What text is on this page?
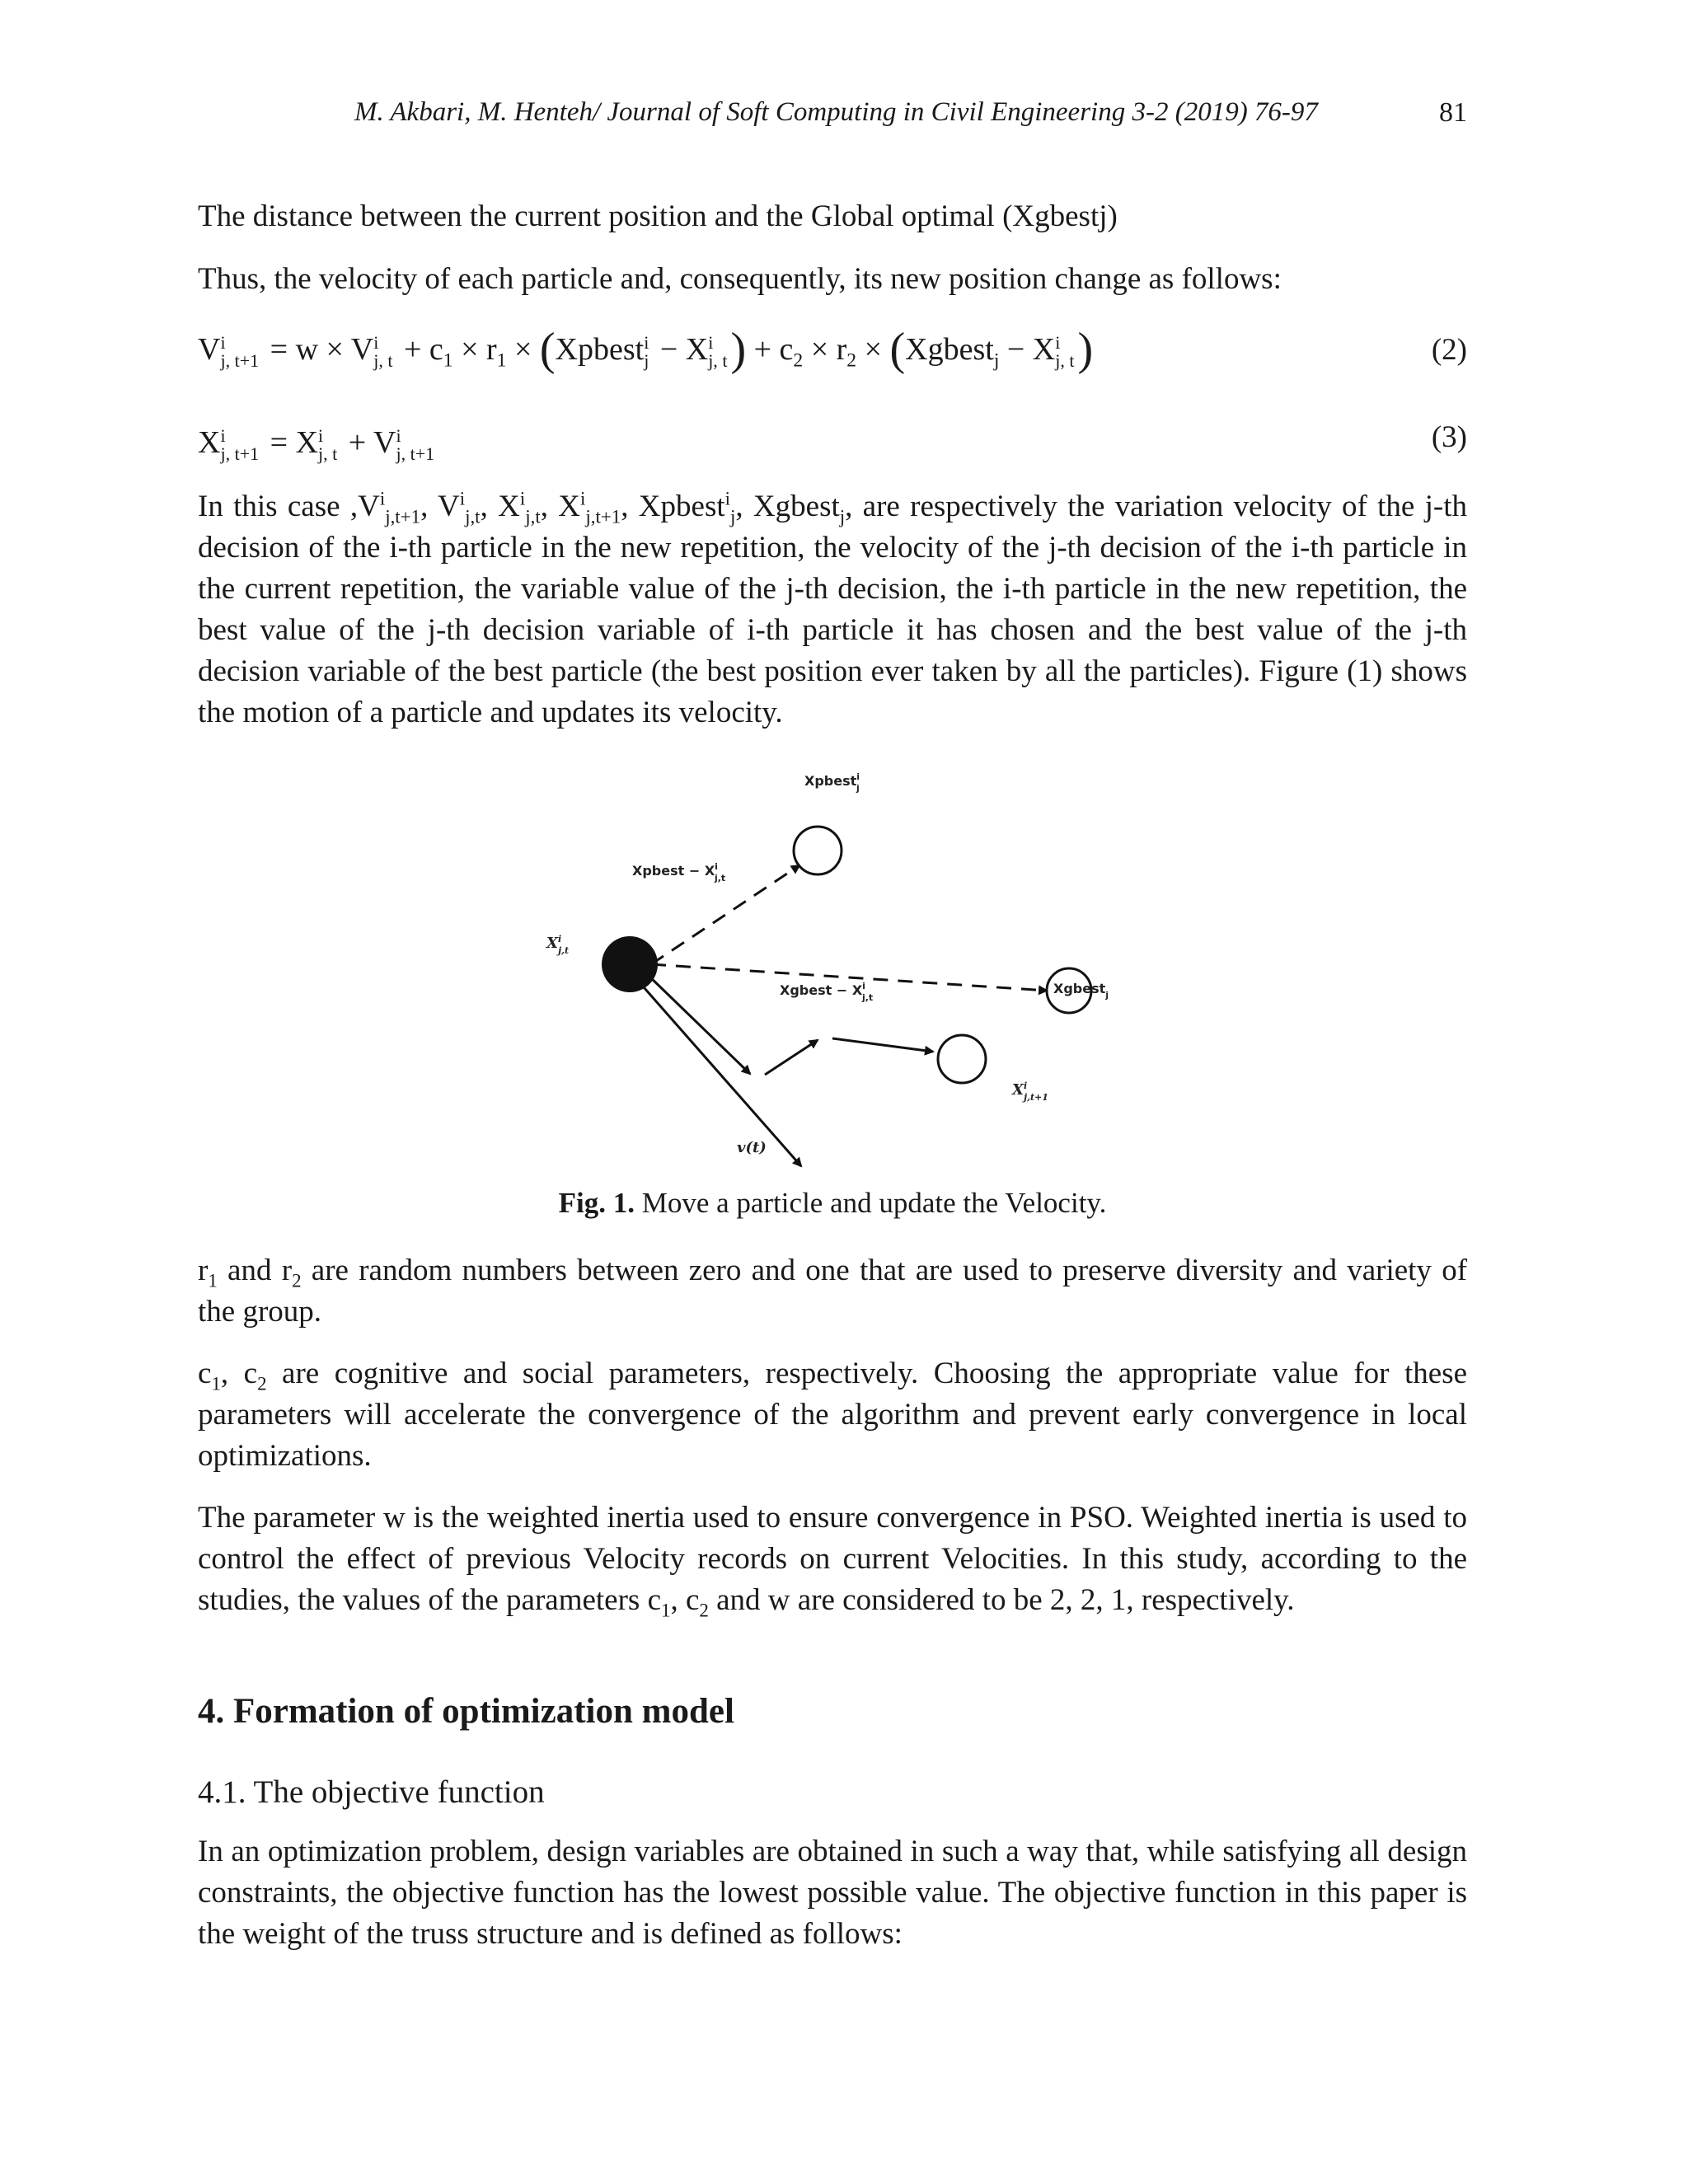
M. Akbari, M. Henteh/ Journal of Soft Computing in Civil Engineering 3-2 (2019) 76-97	81

The distance between the current position and the Global optimal (Xgbestj)

Thus, the velocity of each particle and, consequently, its new position change as follows:

V i
j, t+1 = w × V i
j, $t + c_1 \times r_1$ × (Xpbest i
j − X i
j, t ) + $c_2 \times r_2$ × (Xgbest$_j$ − X i
j, t )	(2)
X i
j, t+1 = X i
j, t + V i
j, t+1	(3)

In this case $,V^i_{j,t+1}$, $V^i_{j,t}$, $X^i_{j,t}$, $X^i_{j,t+1}$, Xpbest$^i_j$, Xgbest$_j$, are respectively the variation velocity of the j-th decision of the i-th particle in the new repetition, the velocity of the j-th decision of the i-th particle in the current repetition, the variable value of the j-th decision, the i-th particle in the new repetition, the best value of the j-th decision variable of i-th particle it has chosen and the best value of the j-th decision variable of the best particle (the best position ever taken by all the particles). Figure (1) shows the motion of a particle and updates its velocity.

Xpbest$^i$ j
Xpbest − $X^i$ j,t
Xgbest$_j$
Xgbest − $X^i$ j,t
$X^i$ j,t
$X^i$ j,t+1
v(t)
Fig. 1. Move a particle and update the Velocity.

$r_1$ and $r_2$ are random numbers between zero and one that are used to preserve diversity and variety of the group.

$c_1$, $c_2$ are cognitive and social parameters, respectively. Choosing the appropriate value for these parameters will accelerate the convergence of the algorithm and prevent early convergence in local optimizations.

The parameter w is the weighted inertia used to ensure convergence in PSO. Weighted inertia is used to control the effect of previous Velocity records on current Velocities. In this study, according to the studies, the values of the parameters $c_1$, $c_2$ and w are considered to be 2, 2, 1, respectively.

4. Formation of optimization model
4.1. The objective function

In an optimization problem, design variables are obtained in such a way that, while satisfying all design constraints, the objective function has the lowest possible value. The objective function in this paper is the weight of the truss structure and is defined as follows:
